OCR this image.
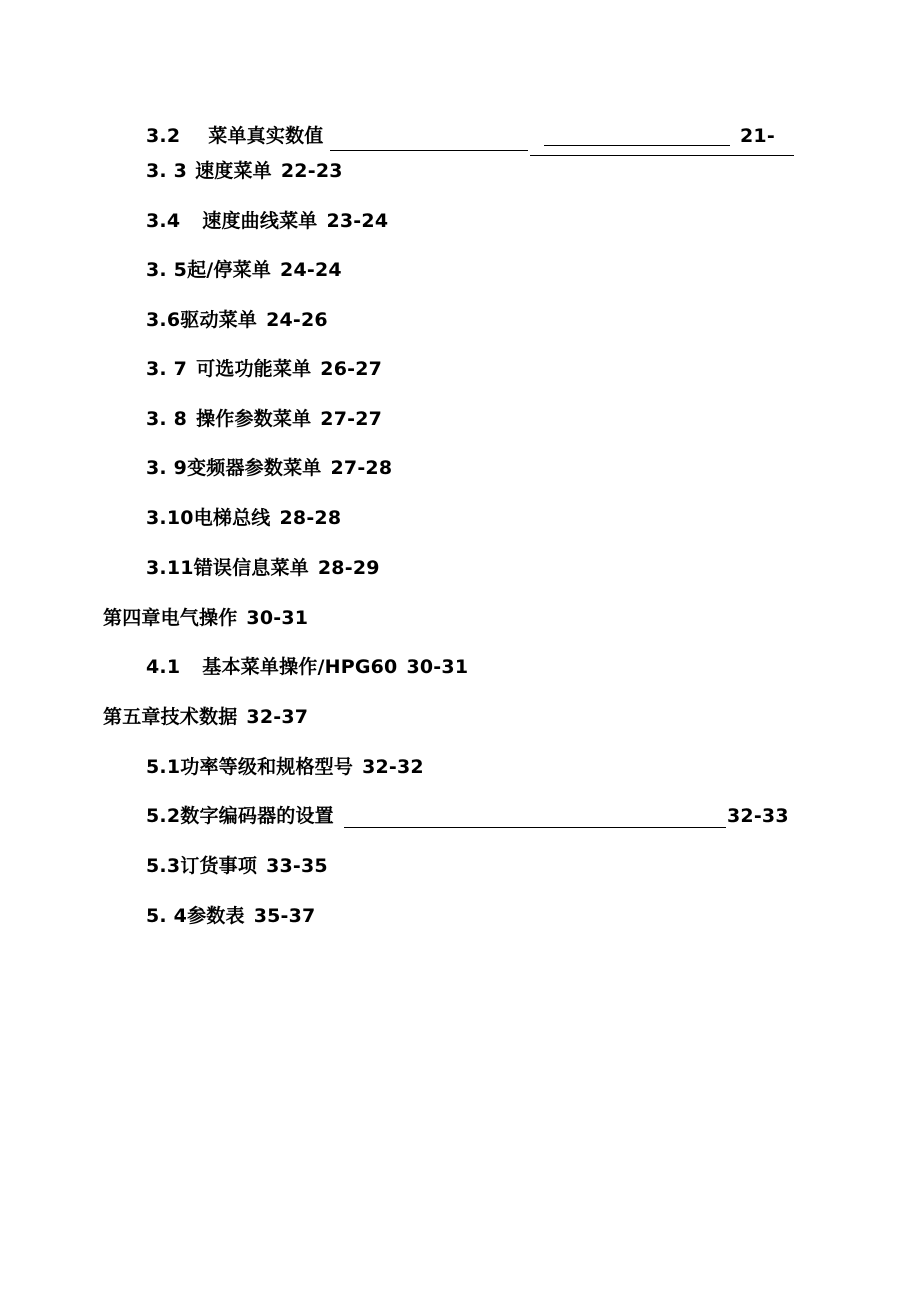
3.2 菜单真实数值	21-
3. 3 速度菜单 22-23
3.4 速度曲线菜单 23-24
3. 5起/停菜单 24-24
3.6驱动菜单 24-26
3. 7 可选功能菜单 26-27
3. 8 操作参数菜单 27-27
3. 9变频器参数菜单 27-28
3.10电梯总线 28-28
3.11错误信息菜单 28-29
第四章电气操作 30-31
4.1 基本菜单操作/HPG60 30-31
第五章技术数据 32-37
5.1功率等级和规格型号 32-32
5.2数字编码器的设置	32-33
5.3订货事项 33-35
5. 4参数表 35-37
